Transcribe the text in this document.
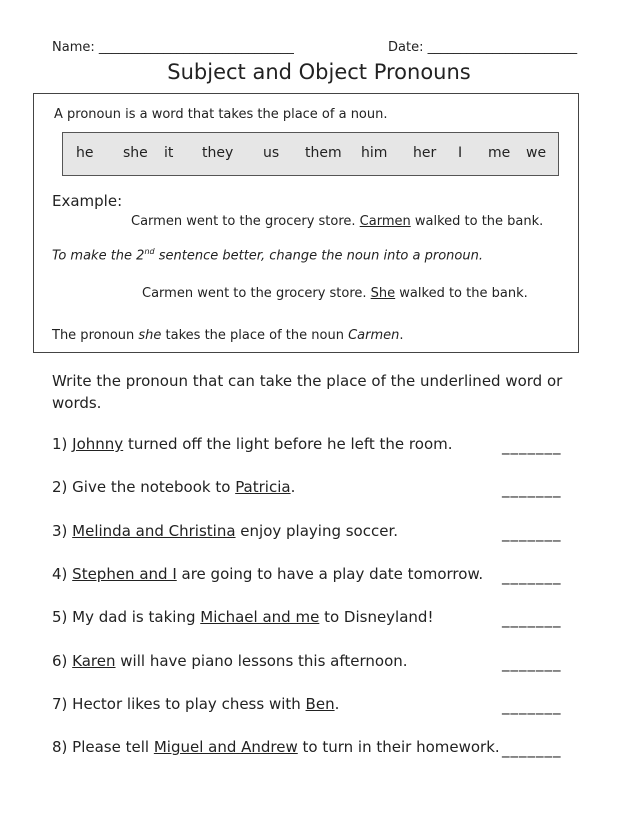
Name: ______________________________	Date: _______________________
Subject and Object Pronouns
A pronoun is a word that takes the place of a noun.
he she it they us them him her I me we
Example:
Carmen went to the grocery store. Carmen walked to the bank.
To make the 2nd sentence better, change the noun into a pronoun.
Carmen went to the grocery store. She walked to the bank.
The pronoun she takes the place of the noun Carmen.
Write the pronoun that can take the place of the underlined word or words.
1) Johnny turned off the light before he left the room.	_______
2) Give the notebook to Patricia.	_______
3) Melinda and Christina enjoy playing soccer.	_______
4) Stephen and I are going to have a play date tomorrow. _______
5) My dad is taking Michael and me to Disneyland!	_______
6) Karen will have piano lessons this afternoon.	_______
7) Hector likes to play chess with Ben.	_______
8) Please tell Miguel and Andrew to turn in their homework. _______
